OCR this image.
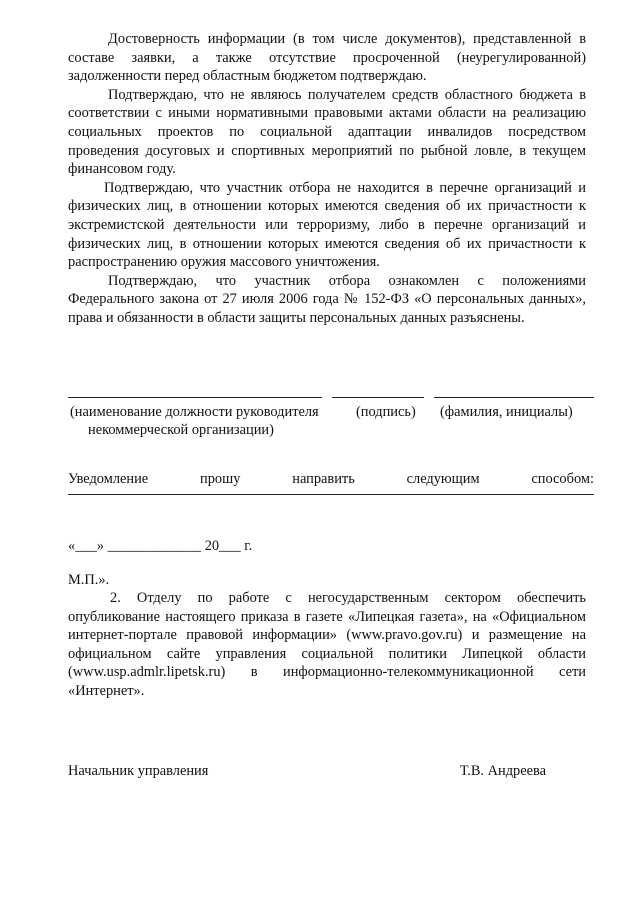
Достоверность информации (в том числе документов), представленной в составе заявки, а также отсутствие просроченной (неурегулированной) задолженности перед областным бюджетом подтверждаю.

Подтверждаю, что не являюсь получателем средств областного бюджета в соответствии с иными нормативными правовыми актами области на реализацию социальных проектов по социальной адаптации инвалидов посредством проведения досуговых и спортивных мероприятий по рыбной ловле, в текущем финансовом году.

Подтверждаю, что участник отбора не находится в перечне организаций и физических лиц, в отношении которых имеются сведения об их причастности к экстремистской деятельности или терроризму, либо в перечне организаций и физических лиц, в отношении которых имеются сведения об их причастности к распространению оружия массового уничтожения.

Подтверждаю, что участник отбора ознакомлен с положениями Федерального закона от 27 июля 2006 года № 152-ФЗ «О персональных данных», права и обязанности в области защиты персональных данных разъяснены.

(наименование должности руководителя	(подпись) (фамилия, инициалы)
некоммерческой организации)
Уведомление	прошу	направить	следующим	способом:
«___» _____________ 20___ г.
М.П.».

2. Отделу по работе с негосударственным сектором обеспечить опубликование настоящего приказа в газете «Липецкая газета», на «Официальном интернет-портале правовой информации» (www.pravo.gov.ru) и размещение на официальном сайте управления социальной политики Липецкой области (www.usp.admlr.lipetsk.ru) в информационно-телекоммуникационной сети «Интернет».

Начальник управления	Т.В. Андреева
